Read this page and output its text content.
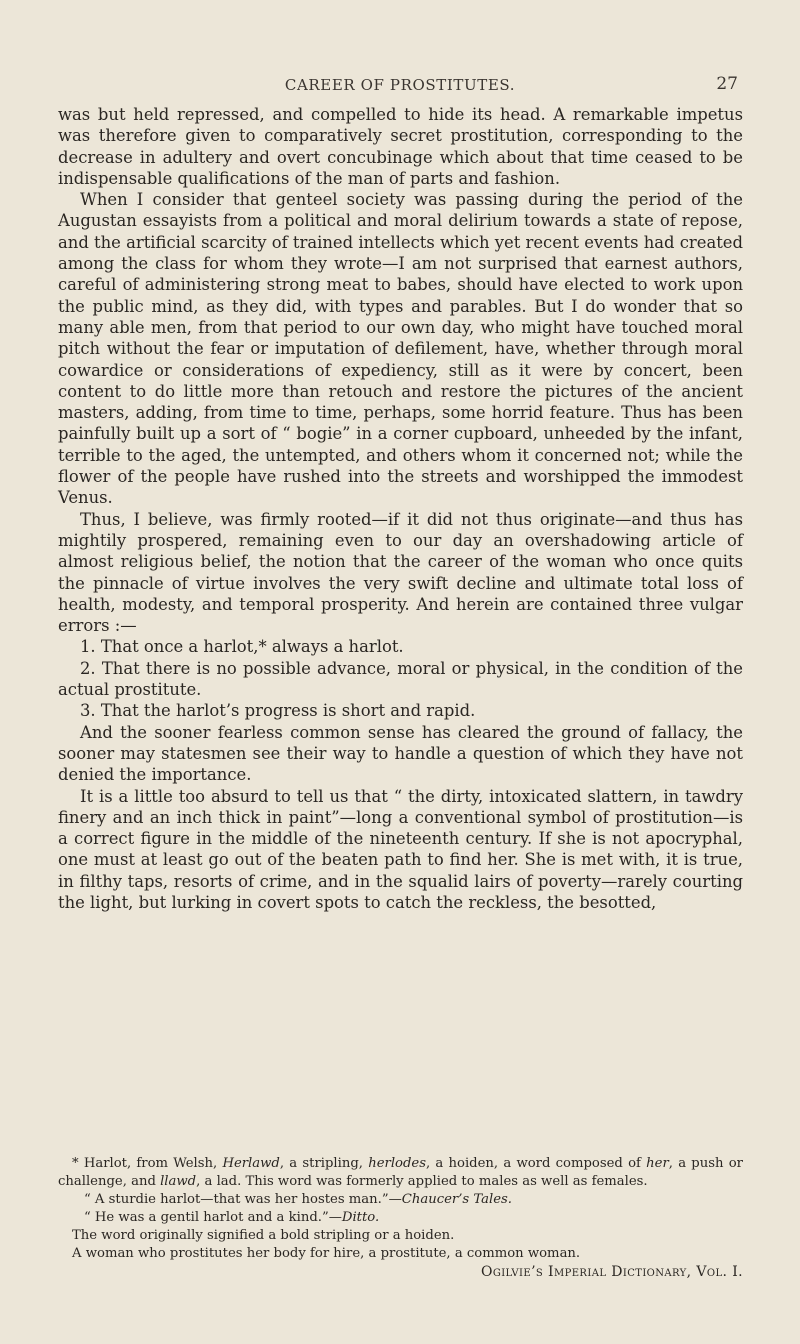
CAREER OF PROSTITUTES.	27

was but held repressed, and compelled to hide its head. A remarkable impetus was therefore given to comparatively secret prostitution, corresponding to the decrease in adultery and overt concubinage which about that time ceased to be indispensable qualifications of the man of parts and fashion.

When I consider that genteel society was passing during the period of the Augustan essayists from a political and moral delirium towards a state of repose, and the artificial scarcity of trained intellects which yet recent events had created among the class for whom they wrote—I am not surprised that earnest authors, careful of administering strong meat to babes, should have elected to work upon the public mind, as they did, with types and parables. But I do wonder that so many able men, from that period to our own day, who might have touched moral pitch without the fear or imputation of defilement, have, whether through moral cowardice or considerations of expediency, still as it were by concert, been content to do little more than retouch and restore the pictures of the ancient masters, adding, from time to time, perhaps, some horrid feature. Thus has been painfully built up a sort of “ bogie” in a corner cupboard, unheeded by the infant, terrible to the aged, the untempted, and others whom it concerned not; while the flower of the people have rushed into the streets and worshipped the immodest Venus.

Thus, I believe, was firmly rooted—if it did not thus originate—and thus has mightily prospered, remaining even to our day an overshadowing article of almost religious belief, the notion that the career of the woman who once quits the pinnacle of virtue involves the very swift decline and ultimate total loss of health, modesty, and temporal prosperity. And herein are contained three vulgar errors :—

1. That once a harlot,* always a harlot.

2. That there is no possible advance, moral or physical, in the condition of the actual prostitute.

3. That the harlot’s progress is short and rapid.

And the sooner fearless common sense has cleared the ground of fallacy, the sooner may statesmen see their way to handle a question of which they have not denied the importance.

It is a little too absurd to tell us that “ the dirty, intoxicated slattern, in tawdry finery and an inch thick in paint”—long a conventional symbol of prostitution—is a correct figure in the middle of the nineteenth century. If she is not apocryphal, one must at least go out of the beaten path to find her. She is met with, it is true, in filthy taps, resorts of crime, and in the squalid lairs of poverty—rarely courting the light, but lurking in covert spots to catch the reckless, the besotted,

* Harlot, from Welsh, Herlawd, a stripling, herlodes, a hoiden, a word composed of her, a push or challenge, and llawd, a lad. This word was formerly applied to males as well as females.

“ A sturdie harlot—that was her hostes man.”—Chaucer’s Tales.

“ He was a gentil harlot and a kind.”—Ditto.

The word originally signified a bold stripling or a hoiden.

A woman who prostitutes her body for hire, a prostitute, a common woman.

Ogilvie’s Imperial Dictionary, Vol. I.
